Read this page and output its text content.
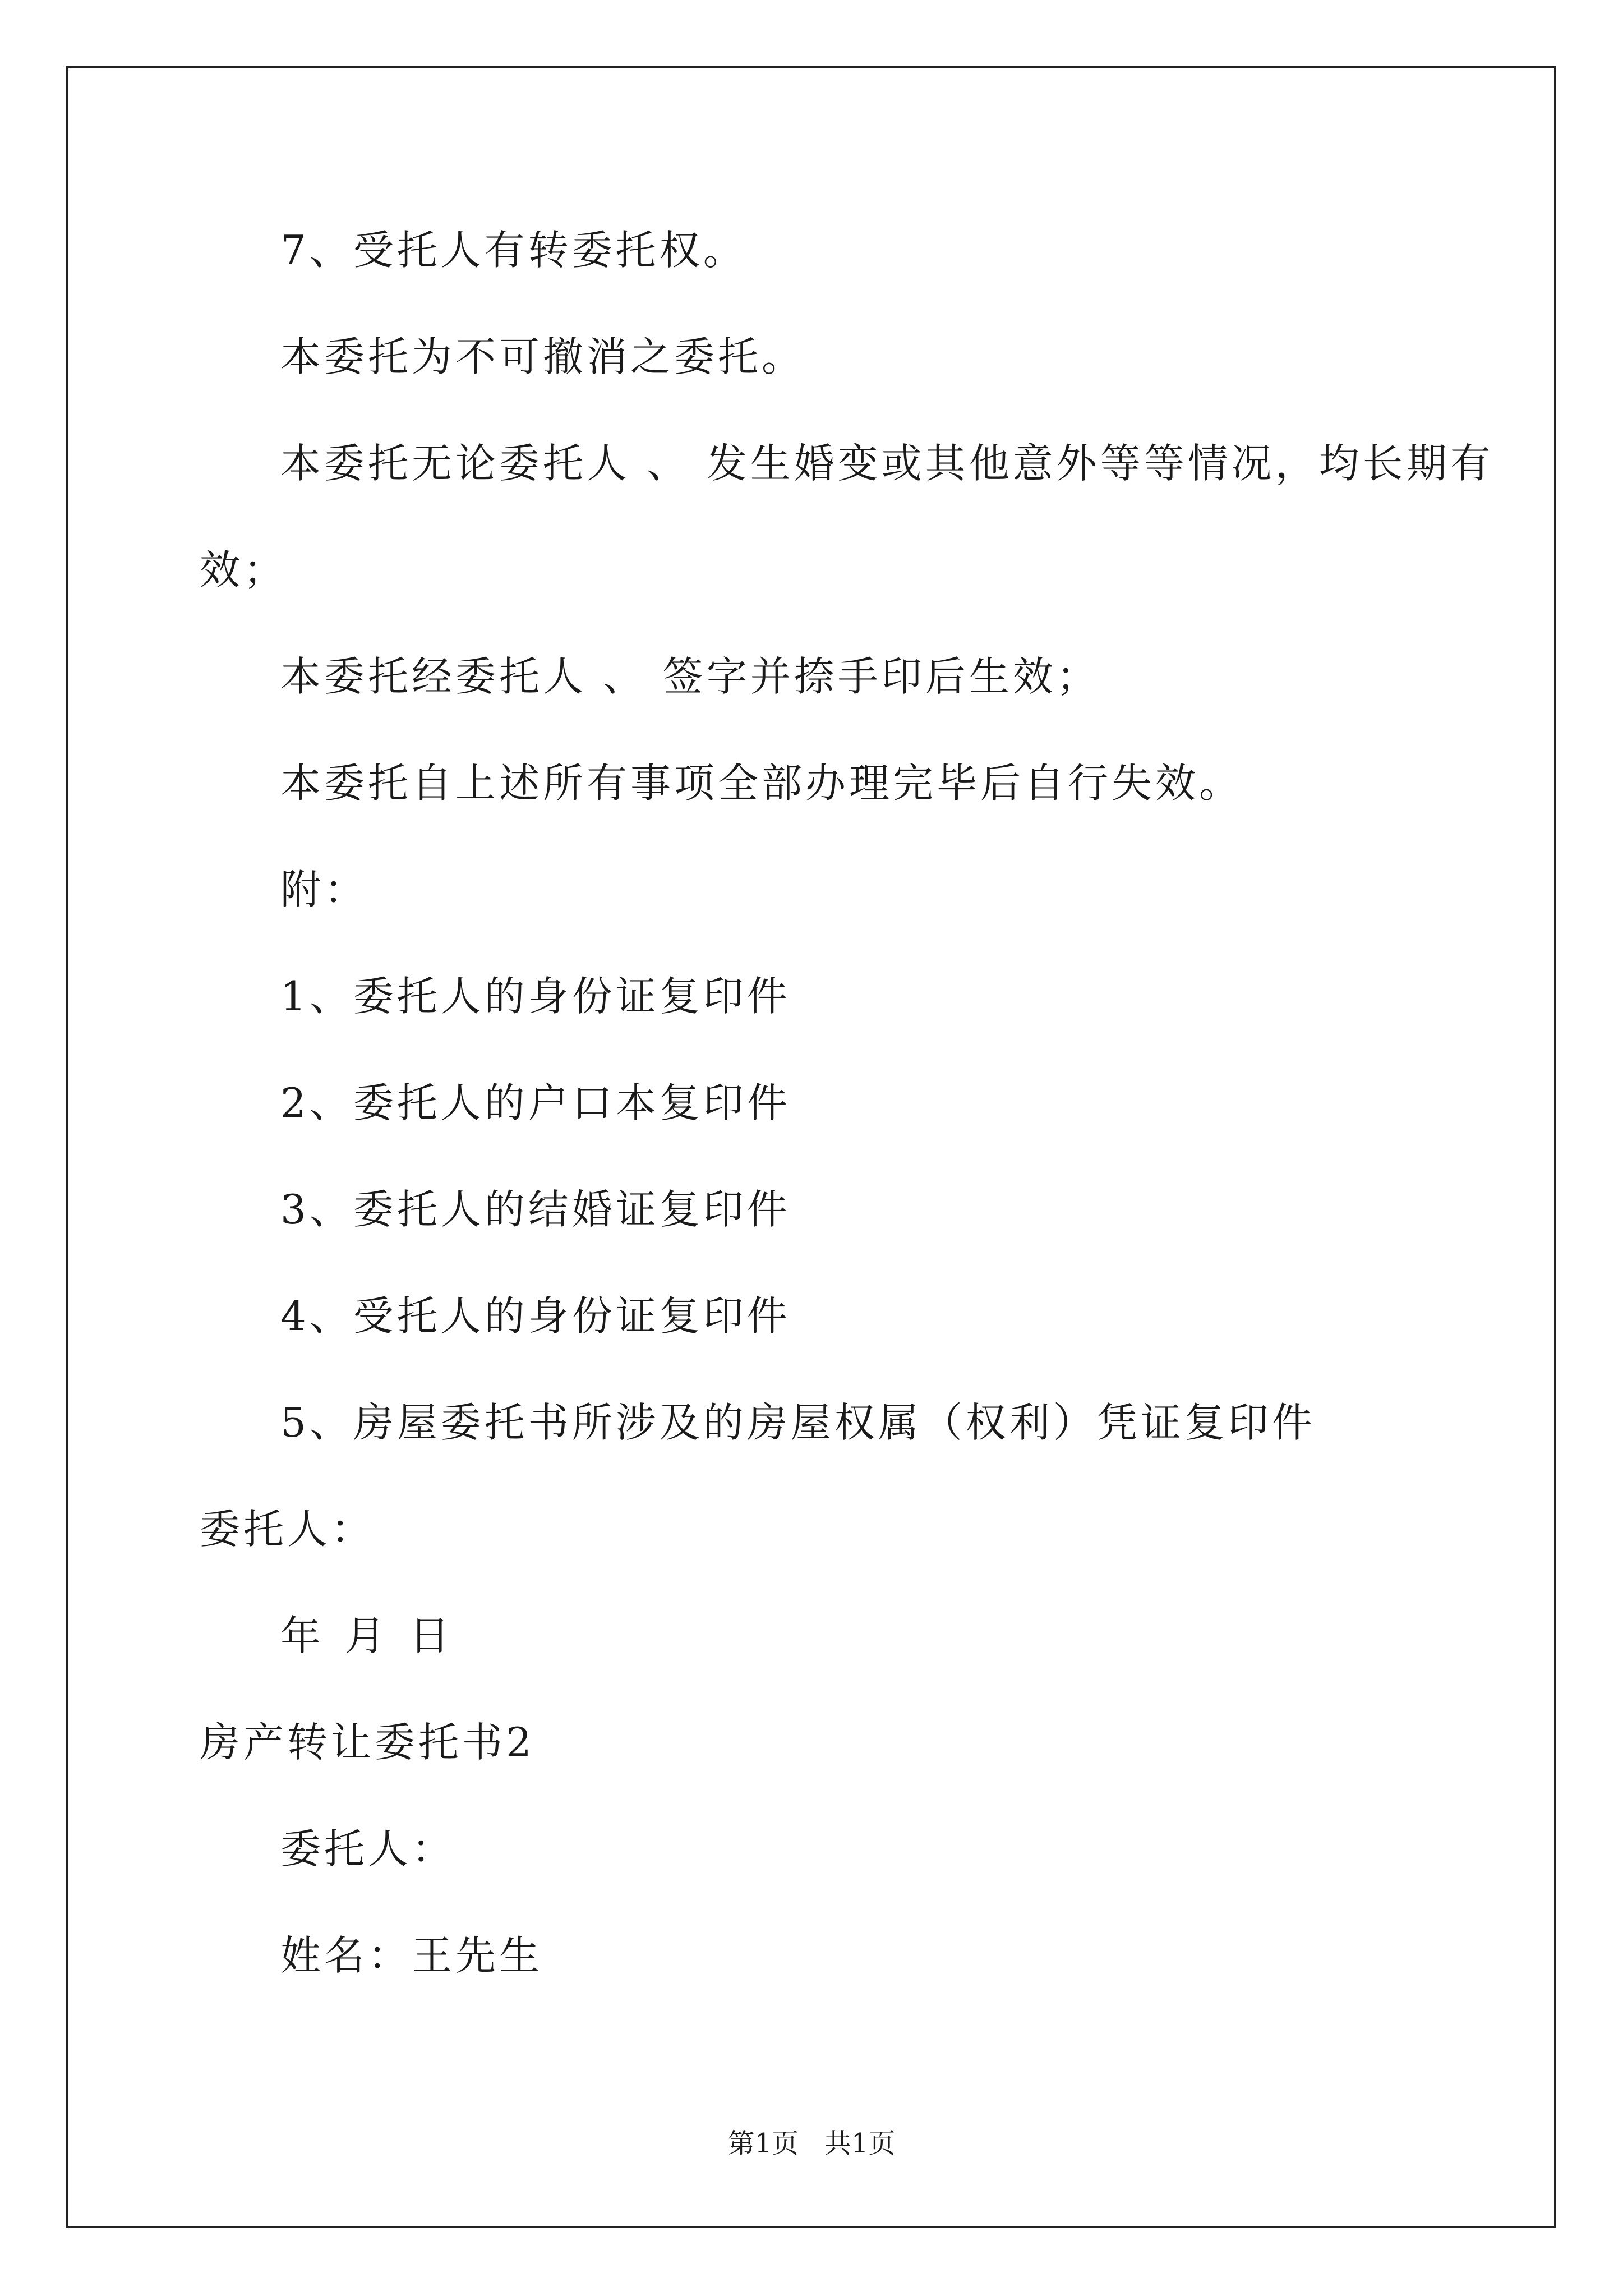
7、受托人有转委托权。
本委托为不可撤消之委托。
本委托无论委托人 、 发生婚变或其他意外等等情况，均长期有
效；
本委托经委托人 、 签字并捺手印后生效；
本委托自上述所有事项全部办理完毕后自行失效。
附：
1、委托人的身份证复印件
2、委托人的户口本复印件
3、委托人的结婚证复印件
4、受托人的身份证复印件
5、房屋委托书所涉及的房屋权属（权利）凭证复印件
委托人：
年 月 日
房产转让委托书2
委托人：
姓名：王先生
第1页   共1页
